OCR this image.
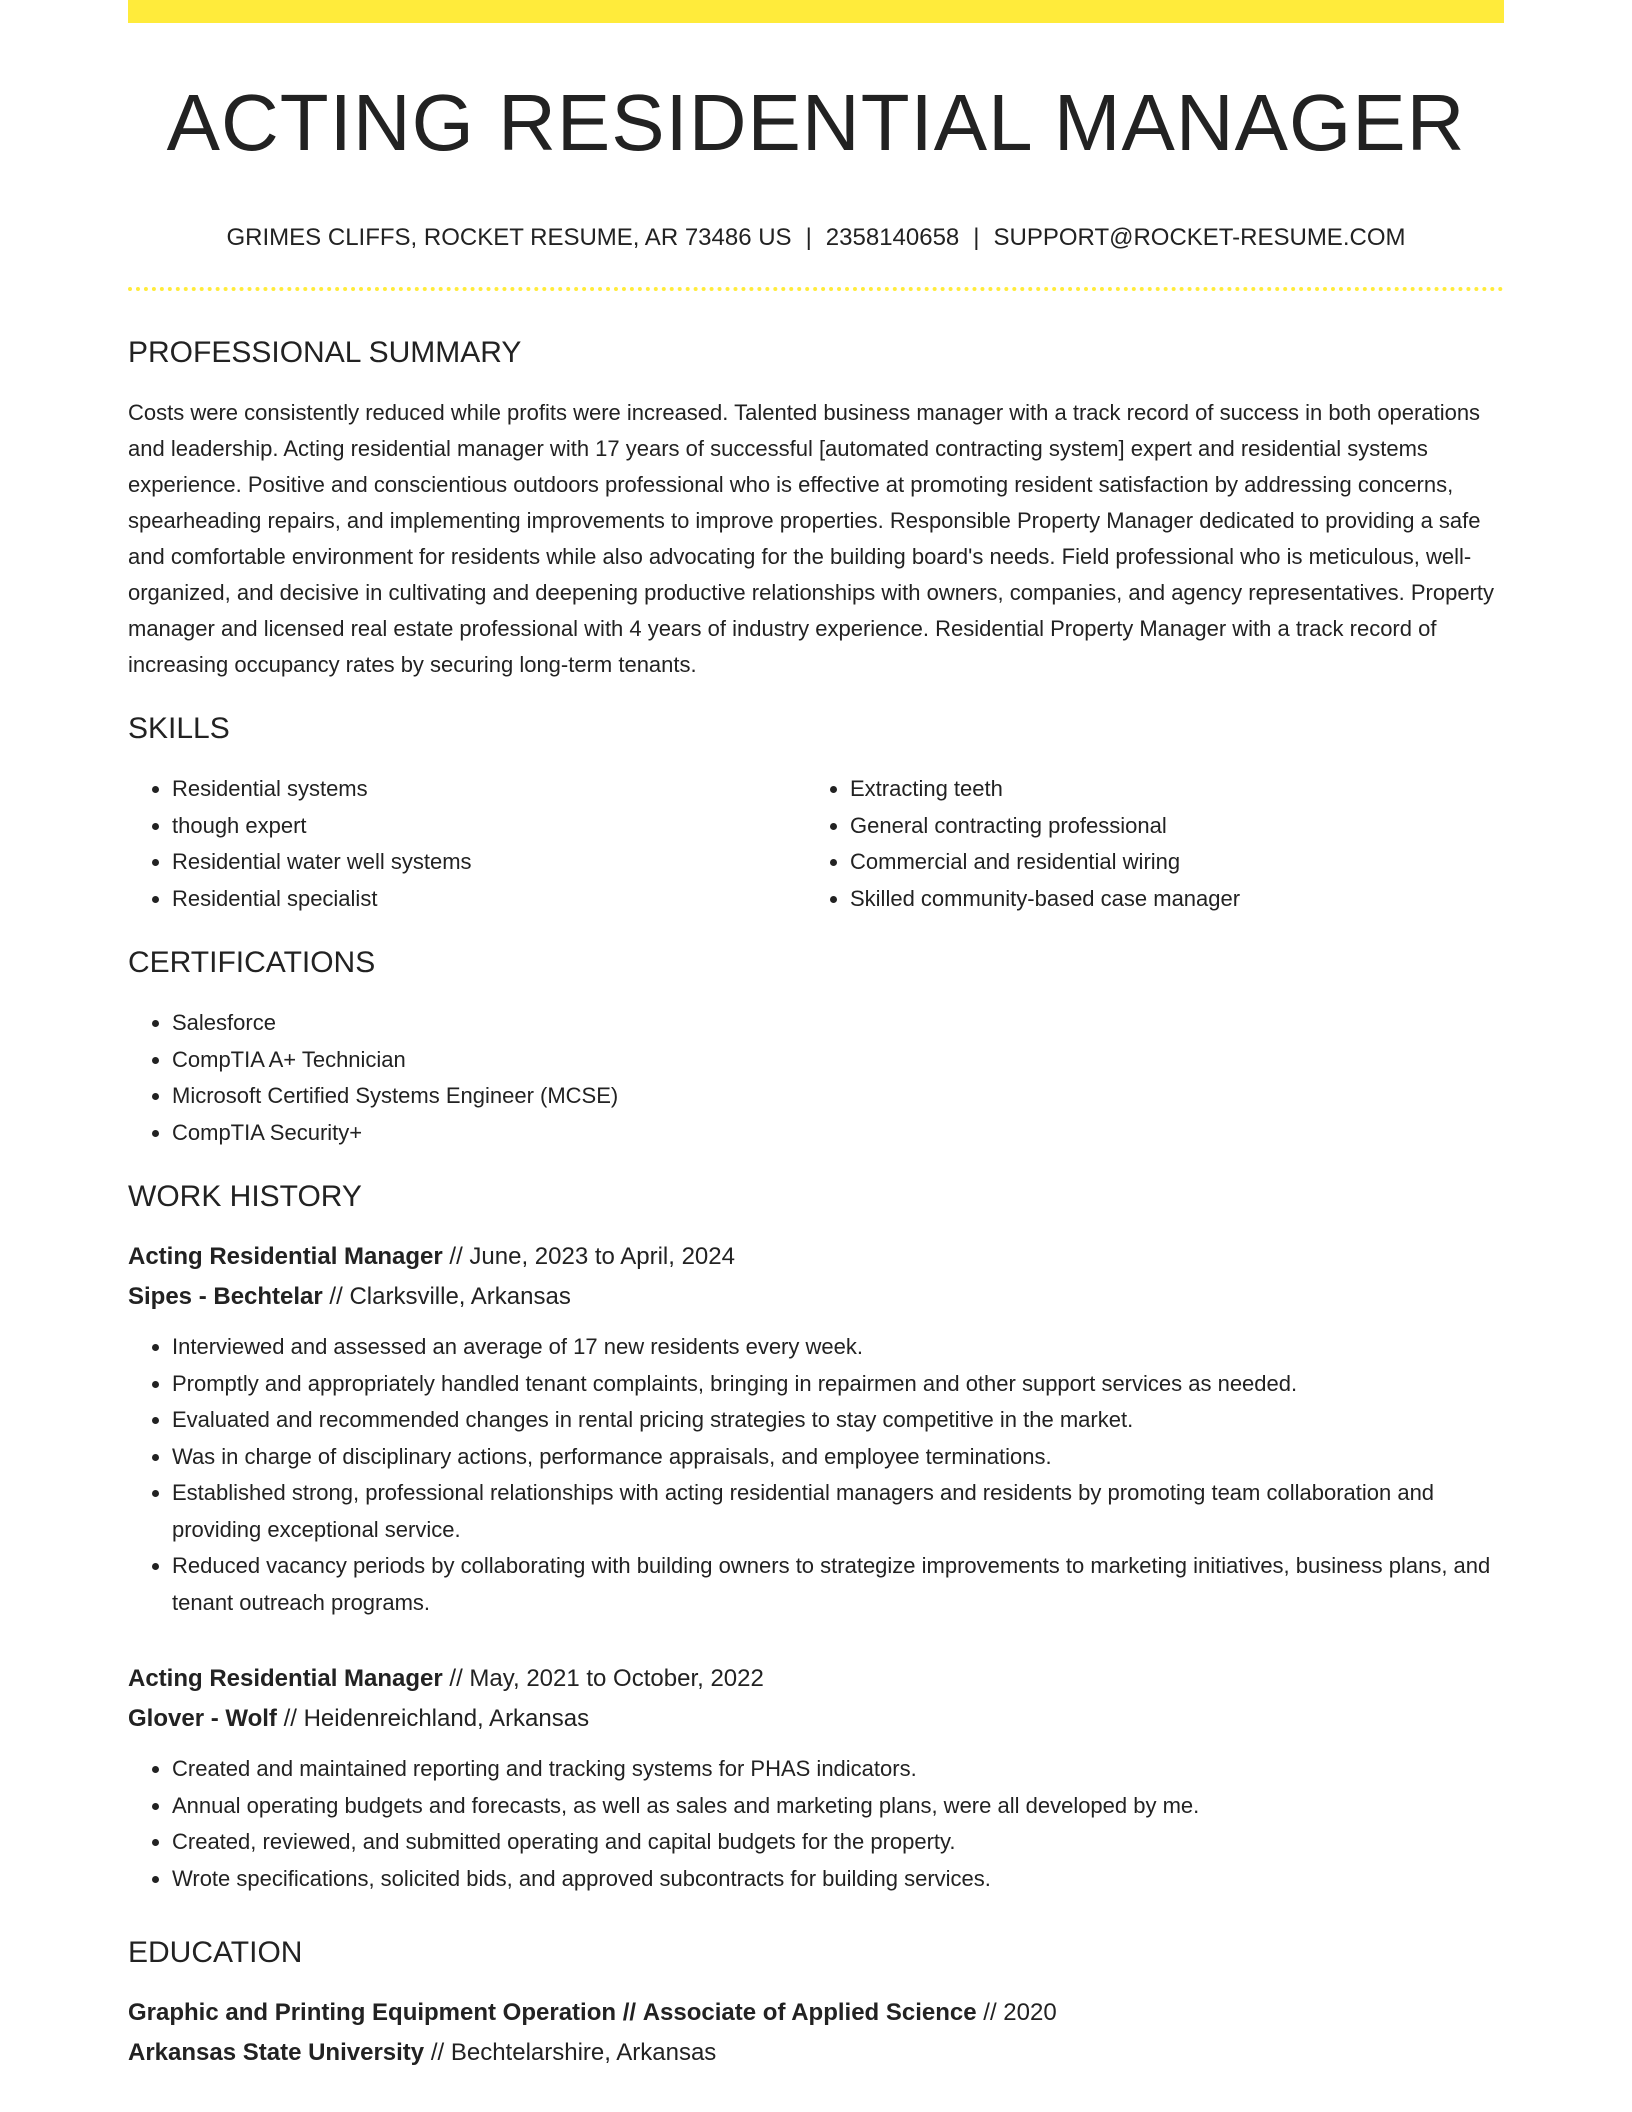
ACTING RESIDENTIAL MANAGER
GRIMES CLIFFS, ROCKET RESUME, AR 73486 US | 2358140658 | SUPPORT@ROCKET-RESUME.COM
PROFESSIONAL SUMMARY
Costs were consistently reduced while profits were increased. Talented business manager with a track record of success in both operations and leadership. Acting residential manager with 17 years of successful [automated contracting system] expert and residential systems experience. Positive and conscientious outdoors professional who is effective at promoting resident satisfaction by addressing concerns, spearheading repairs, and implementing improvements to improve properties. Responsible Property Manager dedicated to providing a safe and comfortable environment for residents while also advocating for the building board's needs. Field professional who is meticulous, well-organized, and decisive in cultivating and deepening productive relationships with owners, companies, and agency representatives. Property manager and licensed real estate professional with 4 years of industry experience. Residential Property Manager with a track record of increasing occupancy rates by securing long-term tenants.
SKILLS
• Residential systems
• though expert
• Residential water well systems
• Residential specialist
• Extracting teeth
• General contracting professional
• Commercial and residential wiring
• Skilled community-based case manager
CERTIFICATIONS
• Salesforce
• CompTIA A+ Technician
• Microsoft Certified Systems Engineer (MCSE)
• CompTIA Security+
WORK HISTORY
Acting Residential Manager // June, 2023 to April, 2024
Sipes - Bechtelar // Clarksville, Arkansas
• Interviewed and assessed an average of 17 new residents every week.
• Promptly and appropriately handled tenant complaints, bringing in repairmen and other support services as needed.
• Evaluated and recommended changes in rental pricing strategies to stay competitive in the market.
• Was in charge of disciplinary actions, performance appraisals, and employee terminations.
• Established strong, professional relationships with acting residential managers and residents by promoting team collaboration and providing exceptional service.
• Reduced vacancy periods by collaborating with building owners to strategize improvements to marketing initiatives, business plans, and tenant outreach programs.
Acting Residential Manager // May, 2021 to October, 2022
Glover - Wolf // Heidenreichland, Arkansas
• Created and maintained reporting and tracking systems for PHAS indicators.
• Annual operating budgets and forecasts, as well as sales and marketing plans, were all developed by me.
• Created, reviewed, and submitted operating and capital budgets for the property.
• Wrote specifications, solicited bids, and approved subcontracts for building services.
EDUCATION
Graphic and Printing Equipment Operation // Associate of Applied Science // 2020
Arkansas State University // Bechtelarshire, Arkansas
